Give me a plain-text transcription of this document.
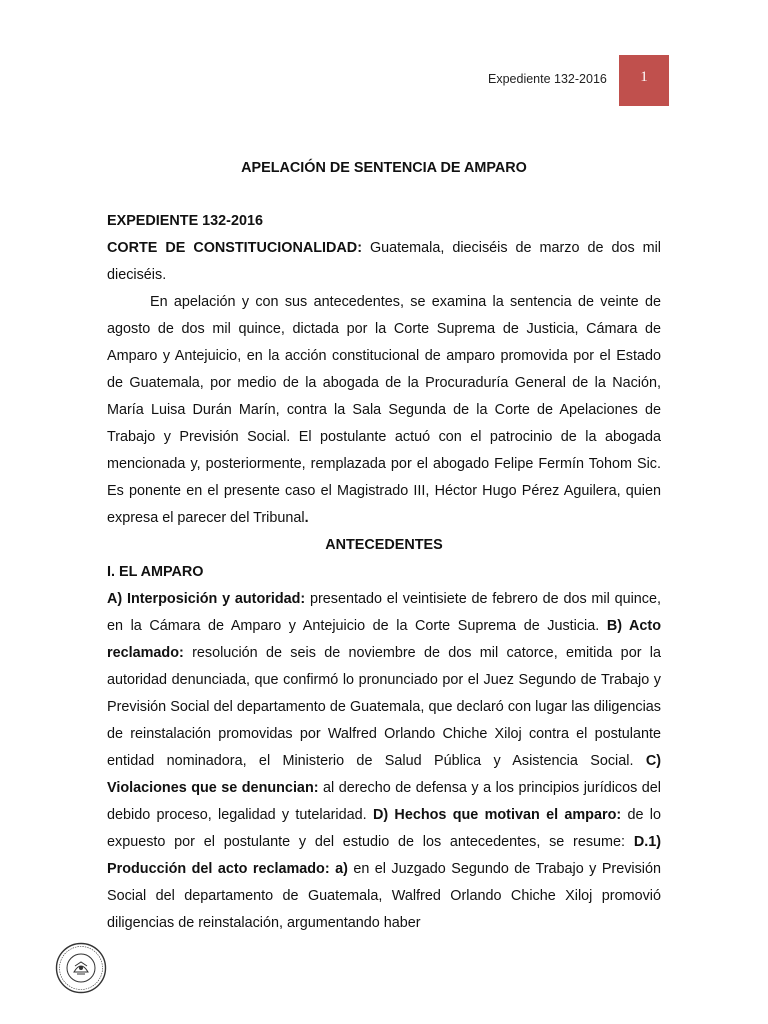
Expediente 132-2016 1
APELACIÓN DE SENTENCIA DE AMPARO

EXPEDIENTE 132-2016

CORTE DE CONSTITUCIONALIDAD: Guatemala, dieciséis de marzo de dos mil dieciséis.

En apelación y con sus antecedentes, se examina la sentencia de veinte de agosto de dos mil quince, dictada por la Corte Suprema de Justicia, Cámara de Amparo y Antejuicio, en la acción constitucional de amparo promovida por el Estado de Guatemala, por medio de la abogada de la Procuraduría General de la Nación, María Luisa Durán Marín, contra la Sala Segunda de la Corte de Apelaciones de Trabajo y Previsión Social. El postulante actuó con el patrocinio de la abogada mencionada y, posteriormente, remplazada por el abogado Felipe Fermín Tohom Sic. Es ponente en el presente caso el Magistrado III, Héctor Hugo Pérez Aguilera, quien expresa el parecer del Tribunal.

ANTECEDENTES

I. EL AMPARO

A) Interposición y autoridad: presentado el veintisiete de febrero de dos mil quince, en la Cámara de Amparo y Antejuicio de la Corte Suprema de Justicia. B) Acto reclamado: resolución de seis de noviembre de dos mil catorce, emitida por la autoridad denunciada, que confirmó lo pronunciado por el Juez Segundo de Trabajo y Previsión Social del departamento de Guatemala, que declaró con lugar las diligencias de reinstalación promovidas por Walfred Orlando Chiche Xiloj contra el postulante entidad nominadora, el Ministerio de Salud Pública y Asistencia Social. C) Violaciones que se denuncian: al derecho de defensa y a los principios jurídicos del debido proceso, legalidad y tutelaridad. D) Hechos que motivan el amparo: de lo expuesto por el postulante y del estudio de los antecedentes, se resume: D.1) Producción del acto reclamado: a) en el Juzgado Segundo de Trabajo y Previsión Social del departamento de Guatemala, Walfred Orlando Chiche Xiloj promovió diligencias de reinstalación, argumentando haber
